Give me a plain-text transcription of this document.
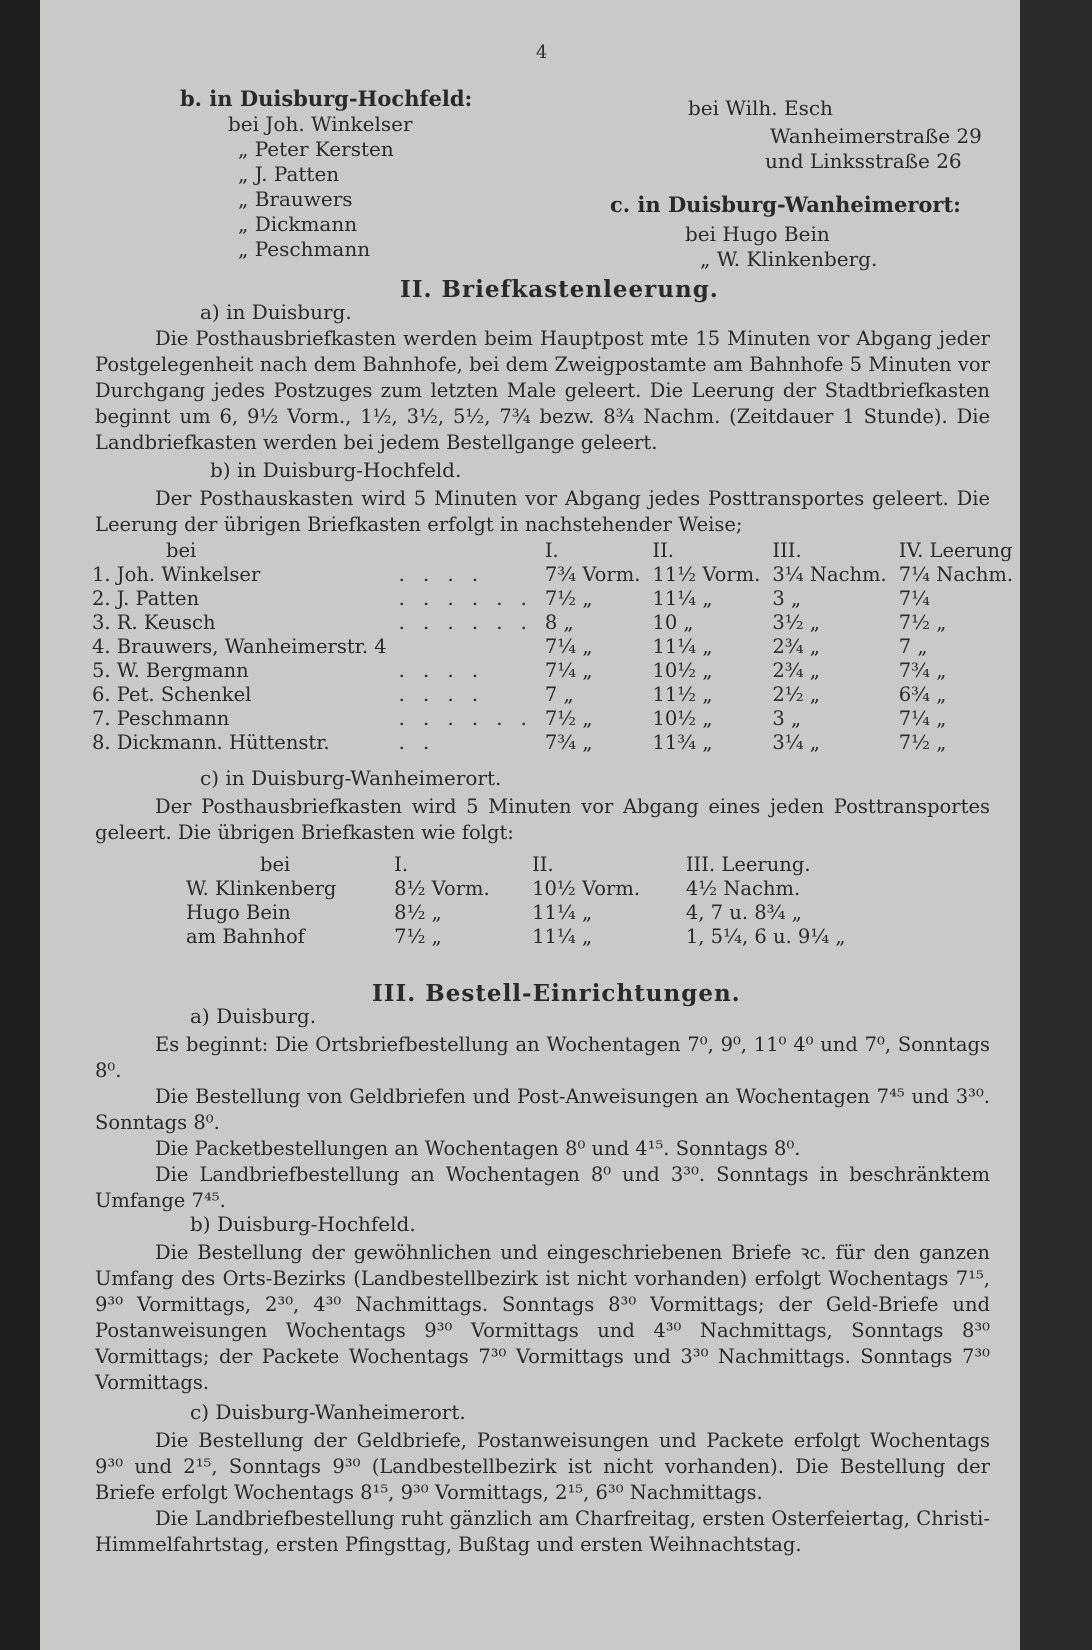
4
b. in Duisburg-Hochfeld:
bei Joh. Winkelser
„ Peter Kersten
„ J. Patten
„ Brauwers
„ Dickmann
„ Peschmann
bei Wilh. Esch
Wanheimerstraße 29
und Linksstraße 26
c. in Duisburg-Wanheimerort:
bei Hugo Bein
„ W. Klinkenberg.
II. Briefkastenleerung.
a) in Duisburg.
Die Posthausbriefkasten werden beim Hauptpost mte 15 Minuten vor Abgang jeder Postgelegenheit nach dem Bahnhofe, bei dem Zweigpostamte am Bahnhofe 5 Minuten vor Durchgang jedes Postzuges zum letzten Male geleert. Die Leerung der Stadtbriefkasten beginnt um 6, 9½ Vorm., 1½, 3½, 5½, 7¾ bezw. 8¾ Nachm. (Zeitdauer 1 Stunde). Die Landbriefkasten werden bei jedem Bestellgange geleert.
b) in Duisburg-Hochfeld.
Der Posthauskasten wird 5 Minuten vor Abgang jedes Posttransportes geleert. Die Leerung der übrigen Briefkasten erfolgt in nachstehender Weise;
bei		I.	II.	III.	IV. Leerung
1. Joh. Winkelser	. . . .	7¾ Vorm.	11½ Vorm.	3¼ Nachm.	7¼ Nachm.
2. J. Patten	. . . . . .	7½ „	11¼ „	3 „	7¼
3. R. Keusch	. . . . . .	8 „	10 „	3½ „	7½ „
4. Brauwers, Wanheimerstr. 4		7¼ „	11¼ „	2¾ „	7 „
5. W. Bergmann	. . . .	7¼ „	10½ „	2¾ „	7¾ „
6. Pet. Schenkel	. . . .	7 „	11½ „	2½ „	6¾ „
7. Peschmann	. . . . . .	7½ „	10½ „	3 „	7¼ „
8. Dickmann. Hüttenstr.	. .	7¾ „	11¾ „	3¼ „	7½ „
c) in Duisburg-Wanheimerort.
Der Posthausbriefkasten wird 5 Minuten vor Abgang eines jeden Posttransportes geleert. Die übrigen Briefkasten wie folgt:
bei	I.	II.	III. Leerung.
W. Klinkenberg	8½ Vorm.	10½ Vorm.	4½ Nachm.
Hugo Bein	8½ „	11¼ „	4, 7 u. 8¾ „
am Bahnhof	7½ „	11¼ „	1, 5¼, 6 u. 9¼ „
III. Bestell-Einrichtungen.
a) Duisburg.

Es beginnt: Die Ortsbriefbestellung an Wochentagen 7⁰, 9⁰, 11⁰ 4⁰ und 7⁰, Sonntags 8⁰.

Die Bestellung von Geldbriefen und Post-Anweisungen an Wochentagen 7⁴⁵ und 3³⁰. Sonntags 8⁰.

Die Packetbestellungen an Wochentagen 8⁰ und 4¹⁵. Sonntags 8⁰.

Die Landbriefbestellung an Wochentagen 8⁰ und 3³⁰. Sonntags in beschränktem Umfange 7⁴⁵.

b) Duisburg-Hochfeld.
Die Bestellung der gewöhnlichen und eingeschriebenen Briefe ꝛc. für den ganzen Umfang des Orts-Bezirks (Landbestellbezirk ist nicht vorhanden) erfolgt Wochentags 7¹⁵, 9³⁰ Vormittags, 2³⁰, 4³⁰ Nachmittags. Sonntags 8³⁰ Vormittags; der Geld-Briefe und Postanweisungen Wochentags 9³⁰ Vormittags und 4³⁰ Nachmittags, Sonntags 8³⁰ Vormittags; der Packete Wochentags 7³⁰ Vormittags und 3³⁰ Nachmittags. Sonntags 7³⁰ Vormittags.
c) Duisburg-Wanheimerort.

Die Bestellung der Geldbriefe, Postanweisungen und Packete erfolgt Wochentags 9³⁰ und 2¹⁵, Sonntags 9³⁰ (Landbestellbezirk ist nicht vorhanden). Die Bestellung der Briefe erfolgt Wochentags 8¹⁵, 9³⁰ Vormittags, 2¹⁵, 6³⁰ Nachmittags.

Die Landbriefbestellung ruht gänzlich am Charfreitag, ersten Osterfeiertag, Christi-Himmelfahrtstag, ersten Pfingsttag, Bußtag und ersten Weihnachtstag.
